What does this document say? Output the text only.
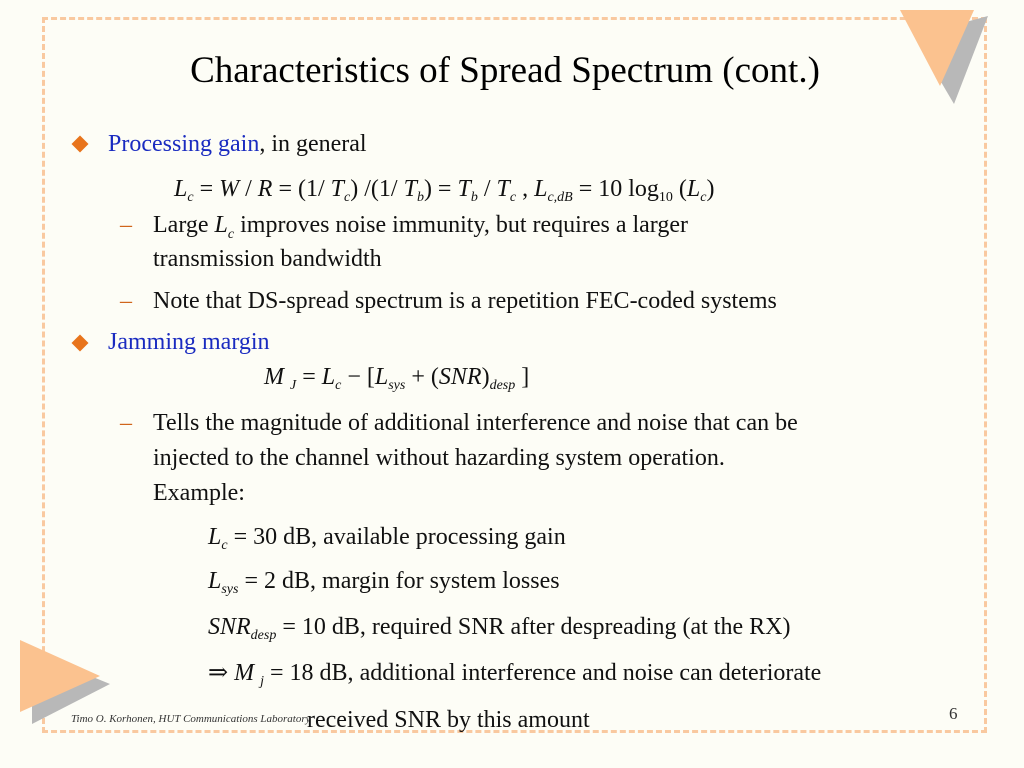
Characteristics of Spread Spectrum (cont.)
Processing gain, in general
$L_c = W / R = (1/$ $T_c$) /(1/ $T_b) = T_b / T_c$ , $L_{c,dB} = 10$ $\log_{10} (L_c)$
– Large $L_c$ improves noise immunity, but requires a larger
transmission bandwidth
– Note that DS-spread spectrum is a repetition FEC-coded systems
Jamming margin
M $_J = L_c - [L_{sys} + (SNR)_{desp}$ ]
– Tells the magnitude of additional interference and noise that can be
injected to the channel without hazarding system operation.
Example:
$L_c = 30$ dB, available processing gain
$L_{sys} = 2$ dB, margin for system losses
$SNR_{desp} = 10$ dB, required SNR after despreading (at the RX)
⇒ M $_j$ = 18 dB, additional interference and noise can deteriorate
received SNR by this amount
Timo O. Korhonen, HUT Communications Laboratory	6
